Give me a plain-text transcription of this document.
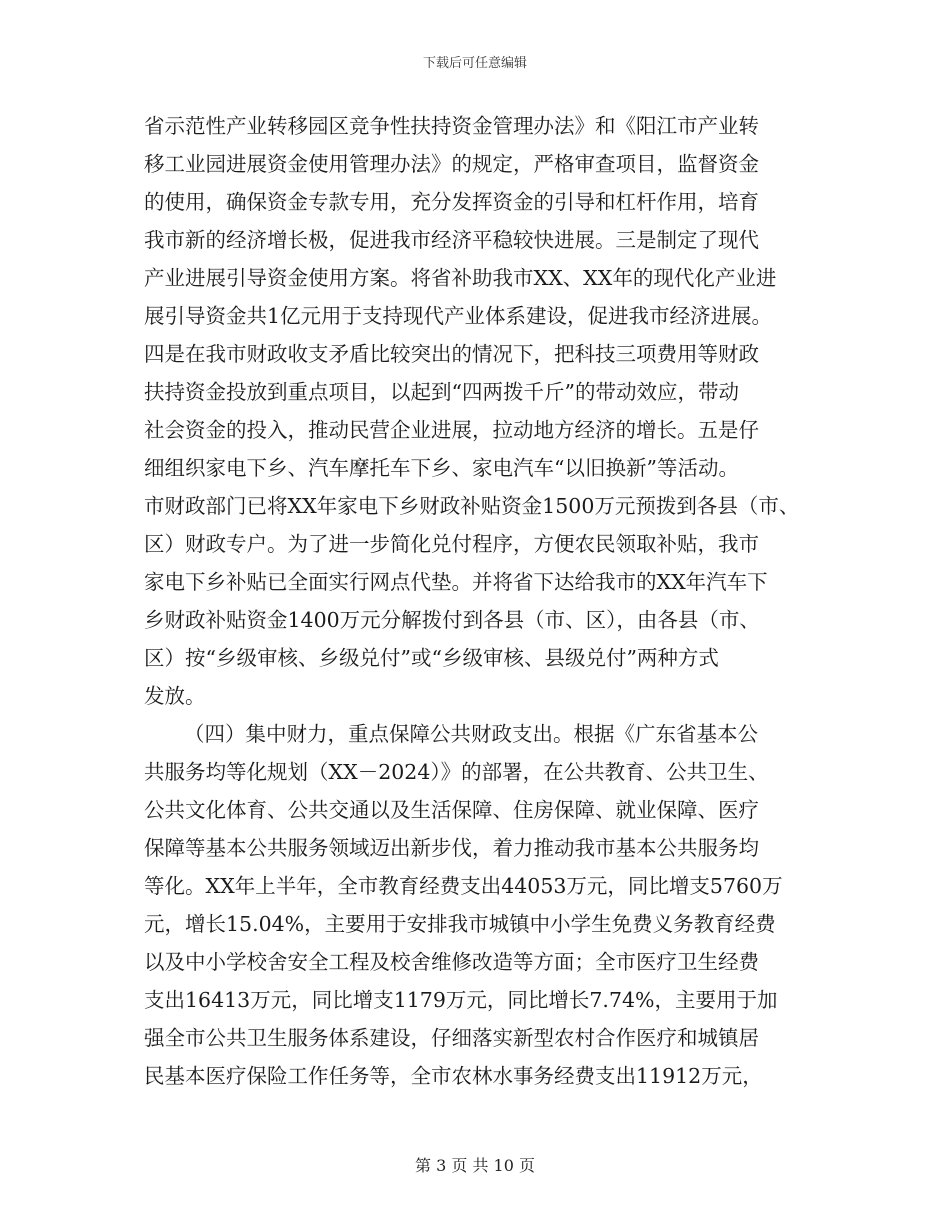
下载后可任意编辑
省示范性产业转移园区竞争性扶持资金管理办法》和《阳江市产业转
移工业园进展资金使用管理办法》的规定，严格审查项目，监督资金
的使用，确保资金专款专用，充分发挥资金的引导和杠杆作用，培育
我市新的经济增长极，促进我市经济平稳较快进展。三是制定了现代
产业进展引导资金使用方案。将省补助我市XX、XX年的现代化产业进
展引导资金共1亿元用于支持现代产业体系建设，促进我市经济进展。
四是在我市财政收支矛盾比较突出的情况下，把科技三项费用等财政
扶持资金投放到重点项目，以起到“四两拨千斤”的带动效应，带动
社会资金的投入，推动民营企业进展，拉动地方经济的增长。五是仔
细组织家电下乡、汽车摩托车下乡、家电汽车“以旧换新”等活动。
市财政部门已将XX年家电下乡财政补贴资金1500万元预拨到各县（市、
区）财政专户。为了进一步简化兑付程序，方便农民领取补贴，我市
家电下乡补贴已全面实行网点代垫。并将省下达给我市的XX年汽车下
乡财政补贴资金1400万元分解拨付到各县（市、区），由各县（市、
区）按“乡级审核、乡级兑付”或“乡级审核、县级兑付”两种方式
发放。
（四）集中财力，重点保障公共财政支出。根据《广东省基本公
共服务均等化规划（XX－2024）》的部署，在公共教育、公共卫生、
公共文化体育、公共交通以及生活保障、住房保障、就业保障、医疗
保障等基本公共服务领域迈出新步伐，着力推动我市基本公共服务均
等化。XX年上半年，全市教育经费支出44053万元，同比增支5760万
元，增长15.04%，主要用于安排我市城镇中小学生免费义务教育经费
以及中小学校舍安全工程及校舍维修改造等方面；全市医疗卫生经费
支出16413万元，同比增支1179万元，同比增长7.74%，主要用于加
强全市公共卫生服务体系建设，仔细落实新型农村合作医疗和城镇居
民基本医疗保险工作任务等，全市农林水事务经费支出11912万元，
第 3 页 共 10 页
